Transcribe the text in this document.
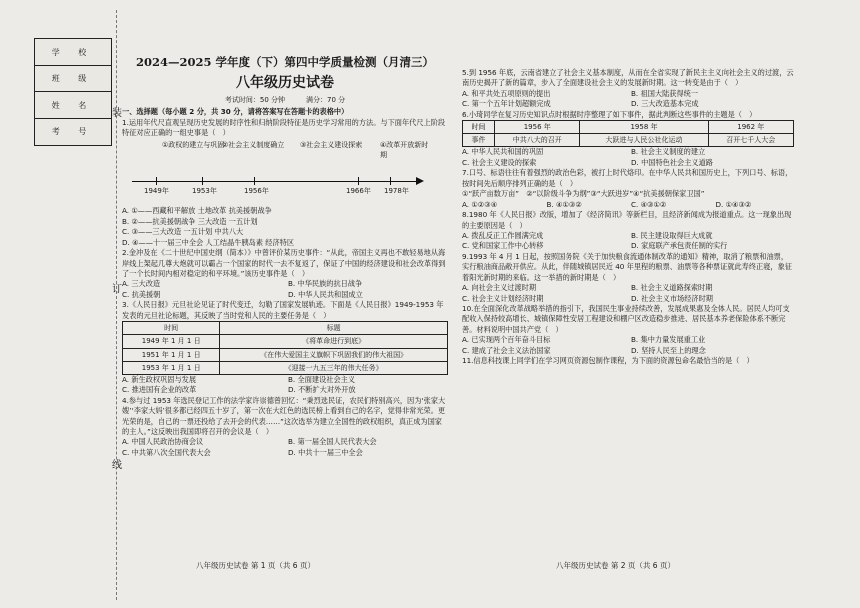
学 校
班 级
姓 名
考 号
装
订
线
2024—2025 学年度（下）第四中学质量检测（月清三）
八年级历史试卷
考试时间：50 分钟　　　满分：70 分
一、选择题（每小题 2 分，共 30 分，请将答案写在答题卡的表格中）

1.运用年代尺直观呈现历史发展的时序性和归纳阶段特征是历史学习常用的方法。与下面年代尺上阶段特征对应正确的一组史事是（　）

①政权的建立与巩固
②社会主义制度确立 ③社会主义建设探索	④改革开放新时期
1949年	1953年	1956年	1966年 1978年
A. ①——西藏和平解放 土地改革 抗美援朝战争
B. ②——抗美援朝战争 三大改造 一五计划
C. ③——三大改造 一五计划 中共八大
D. ④——十一届三中全会 人工结晶牛胰岛素 经济特区

2.金冲及在《二十世纪中国史纲（简本）》中曾评价某历史事件：“从此，帝国主义再也不敢轻易地从海岸线上架起几尊大炮就可以霸占一个国家的时代一去不复返了，保证了中国的经济建设和社会改革得到了一个长时间内相对稳定的和平环境。”该历史事件是（　）

A. 三大改造	B. 中华民族的抗日战争
C. 抗美援朝	D. 中华人民共和国成立

3.《人民日报》元旦社论见证了时代变迁，勾勒了国家发展轨迹。下面是《人民日报》1949-1953 年发表的元旦社论标题，其反映了当时党和人民的主要任务是（　）

时间	标题
1949 年 1 月 1 日	《将革命进行到底》
1951 年 1 月 1 日	《在伟大爱国主义旗帜下巩固我们的伟大祖国》
1953 年 1 月 1 日	《迎接一九五三年的伟大任务》
A. 新生政权巩固与发展	B. 全面建设社会主义
C. 推进国有企业的改革	D. 不断扩大对外开放

4.参与过 1953 年选民登记工作的法学家许崇德曾回忆：“秉烈选民证，农民们特别高兴，因为‘张家大嫂’‘李家大妈’很多都已经四五十岁了，第一次在大红色的选民榜上看到自己的名字，觉得非常光荣。更光荣的是，自己的一票还投给了去开会的代表……”这次选举为建立全国性的政权组织，真正成为国家的主人。”这反映出我国即将召开的会议是（　）

A. 中国人民政治协商会议	B. 第一届全国人民代表大会
C. 中共第八次全国代表大会	D. 中共十一届三中全会

5.到 1956 年底，云南省建立了社会主义基本制度，从而在全省实现了新民主主义向社会主义的过渡，云南历史揭开了新的篇章，步入了全面建设社会主义的发展新时期。这一转变是由于（　）

A. 和平共处五项原则的提出	B. 祖国大陆获得统一
C. 第一个五年计划超额完成	D. 三大改造基本完成

6.小琦同学在复习历史知识点时根据时序整理了如下事件，据此判断这些事件的主题是（　）

时间	1956 年	1958 年	1962 年
事件	中共八大的召开	大跃进与人民公社化运动	召开七千人大会
A. 中华人民共和国的巩固	B. 社会主义制度的建立
C. 社会主义建设的探索	D. 中国特色社会主义道路

7.口号、标语往往有着强烈的政治色彩，被打上时代烙印。在中华人民共和国历史上，下列口号、标语，按时间先后顺序排列正确的是（　）

①“跃产亩数万亩”　②“以阶级斗争为纲”③“大跃进岁”④“抗美援朝保家卫国”
A. ①②③④	B. ④①③②	C. ④③①②	D. ①④③②

8.1980 年《人民日报》改版，增加了《经济简讯》等新栏目，且经济新闻成为报道重点。这一现象出现的主要原因是（　）

A. 拨乱反正工作圆满完成	B. 民主建设取得巨大成就
C. 党和国家工作中心转移	D. 家庭联产承包责任制的实行

9.1993 年 4 月 1 日起，按照国务院《关于加快粮食流通体制改革的通知》精神，取消了粮票和油票，实行粮油商品敞开供应。从此，伴随城镇居民近 40 年里程的粮票、油票等各种票证就此寿终正寝，象征着阳光新时期的来临。这一举措的新时期是（　）

A. 向社会主义过渡时期	B. 社会主义道路探索时期
C. 社会主义计划经济时期	D. 社会主义市场经济时期

10.在全面深化改革战略举措的指引下，我国民生事业持续改善，发展成果惠及全体人民。居民人均可支配收入保持较高增长、城镇保障性安居工程建设和棚户区改造稳步推进、居民基本养老保险体系不断完善。材料说明中国共产党（　）

A. 已实现两个百年奋斗目标	B. 集中力量发展重工业
C. 建成了社会主义法治国家	D. 坚持人民至上的理念

11.信息科技课上同学们在学习网页资源包制作课程，为下面的资源包命名最恰当的是（　）

八年级历史试卷 第 1 页（共 6 页）	八年级历史试卷 第 2 页（共 6 页）
